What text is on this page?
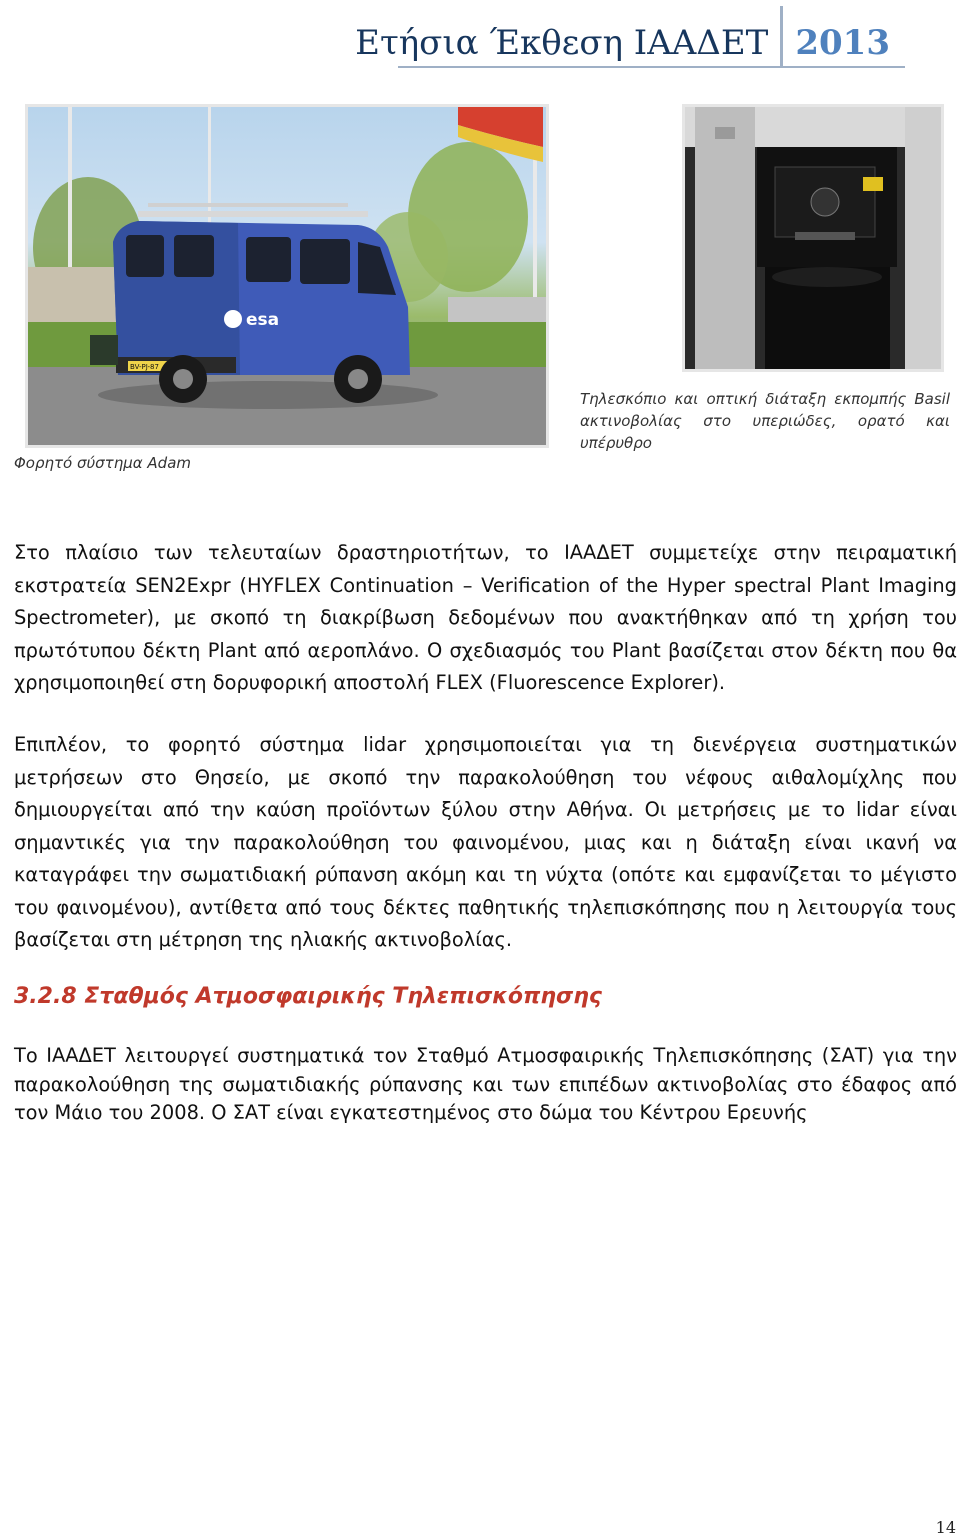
Ετήσια Έκθεση ΙΑΑΔΕΤ 2013
esa
BV-PJ-87
Τηλεσκόπιο και οπτική διάταξη εκπομπής Basil ακτινοβολίας στο υπεριώδες, ορατό και υπέρυθρο
Φορητό σύστημα Adam
Στο πλαίσιο των τελευταίων δραστηριοτήτων, το ΙΑΑΔΕΤ συμμετείχε στην πειραματική εκστρατεία SEN2Expr (HYFLEX Continuation – Verification of the Hyper spectral Plant Imaging Spectrometer), με σκοπό τη διακρίβωση δεδομένων που ανακτήθηκαν από τη χρήση του πρωτότυπου δέκτη Plant από αεροπλάνο. Ο σχεδιασμός του Plant βασίζεται στον δέκτη που θα χρησιμοποιηθεί στη δορυφορική αποστολή FLEX (Fluorescence Explorer).
Επιπλέον, το φορητό σύστημα lidar χρησιμοποιείται για τη διενέργεια συστηματικών μετρήσεων στο Θησείο, με σκοπό την παρακολούθηση του νέφους αιθαλομίχλης που δημιουργείται από την καύση προϊόντων ξύλου στην Αθήνα. Οι μετρήσεις με το lidar είναι σημαντικές για την παρακολούθηση του φαινομένου, μιας και η διάταξη είναι ικανή να καταγράφει την σωματιδιακή ρύπανση ακόμη και τη νύχτα (οπότε και εμφανίζεται το μέγιστο του φαινομένου), αντίθετα από τους δέκτες παθητικής τηλεπισκόπησης που η λειτουργία τους βασίζεται στη μέτρηση της ηλιακής ακτινοβολίας.
3.2.8 Σταθμός Ατμοσφαιρικής Τηλεπισκόπησης
Το ΙΑΑΔΕΤ λειτουργεί συστηματικά τον Σταθμό Ατμοσφαιρικής Τηλεπισκόπησης (ΣΑΤ) για την παρακολούθηση της σωματιδιακής ρύπανσης και των επιπέδων ακτινοβολίας στο έδαφος από τον Μάιο του 2008. Ο ΣΑΤ είναι εγκατεστημένος στο δώμα του Κέντρου Ερευνής
14
